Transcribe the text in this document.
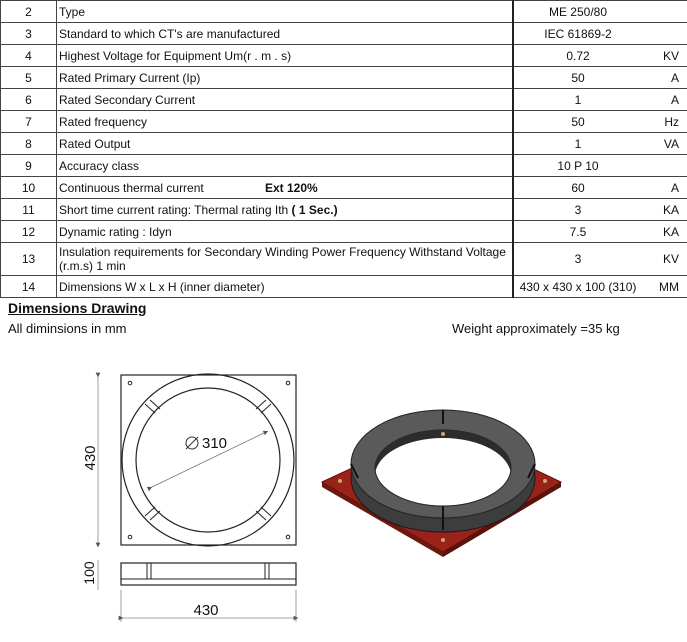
2	Type	ME 250/80	
3	Standard to which CT's are manufactured	IEC 61869-2	
4	Highest Voltage for Equipment Um(r . m . s)	0.72	KV
5	Rated Primary Current (Ip)	50	A
6	Rated Secondary Current	1	A
7	Rated frequency	50	Hz
8	Rated Output	1	VA
9	Accuracy class	10 P 10	
10	Continuous thermal current Ext 120%	60	A
11	Short time current rating: Thermal rating Ith ( 1 Sec.)	3	KA
12	Dynamic rating : Idyn	7.5	KA
13	Insulation requirements for Secondary Winding Power Frequency Withstand Voltage (r.m.s) 1 min	3	KV
14	Dimensions W x L x H (inner diameter)	430 x 430 x 100 (310)	MM
Dimensions Drawing
All diminsions in mm	Weight approximately =35 kg
310
430
100
430
